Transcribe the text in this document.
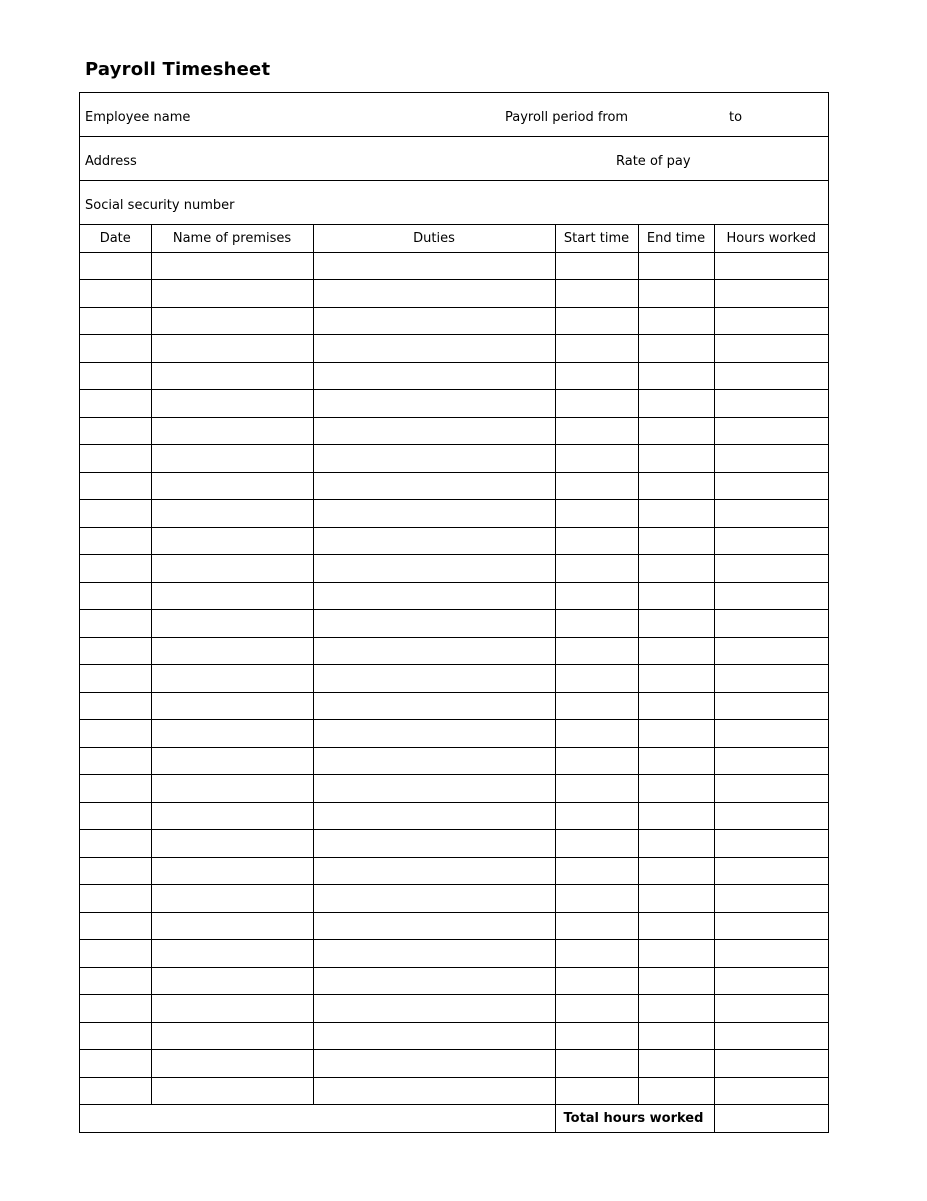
Payroll Timesheet
Employee name	Payroll period from	to
Address	Rate of pay
Social security number
Date	Name of premises	Duties	Start time	End time	Hours worked

			Total hours worked		
